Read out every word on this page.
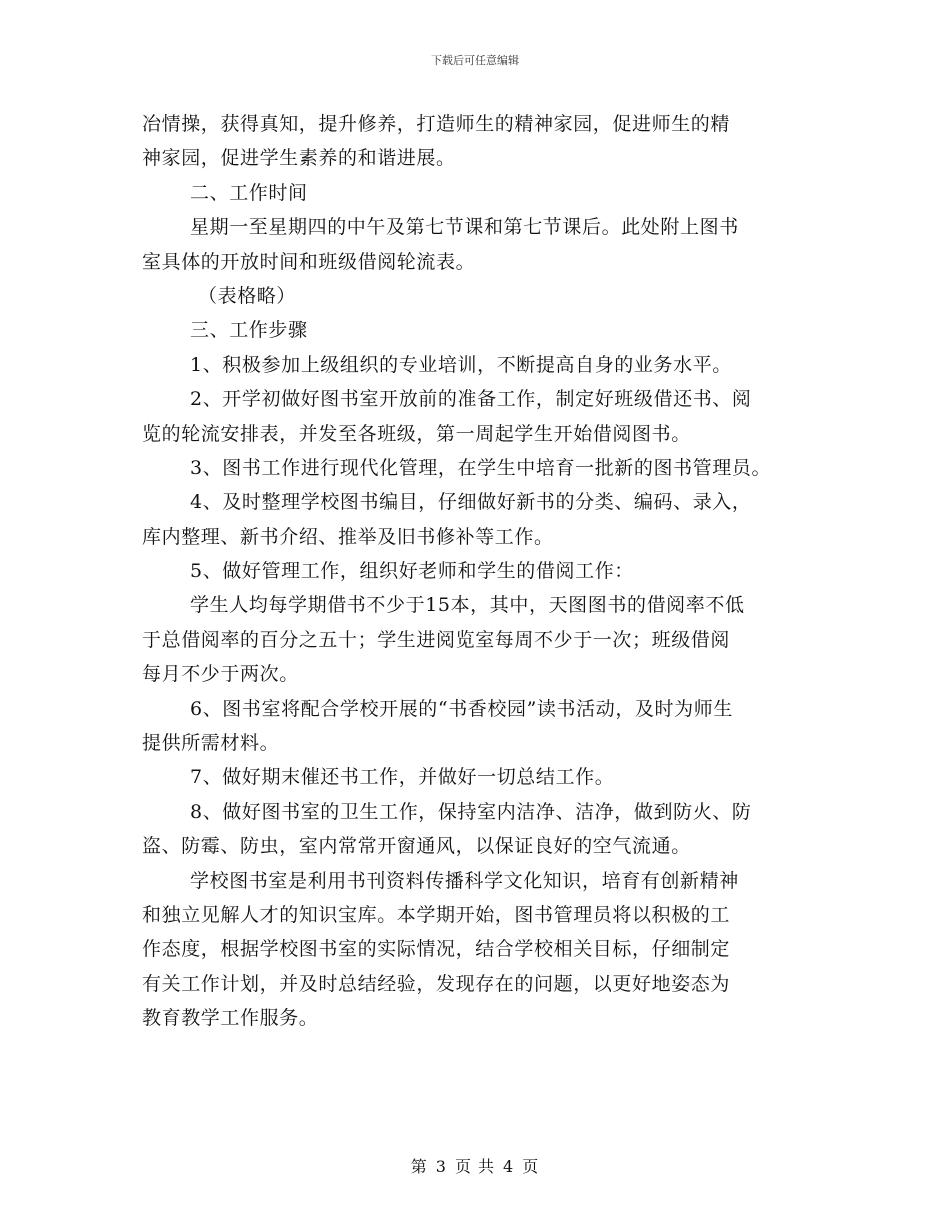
下载后可任意编辑
冶情操，获得真知，提升修养，打造师生的精神家园，促进师生的精
神家园，促进学生素养的和谐进展。
二、工作时间
星期一至星期四的中午及第七节课和第七节课后。此处附上图书
室具体的开放时间和班级借阅轮流表。
（表格略）
三、工作步骤
1、积极参加上级组织的专业培训，不断提高自身的业务水平。
2、开学初做好图书室开放前的准备工作，制定好班级借还书、阅
览的轮流安排表，并发至各班级，第一周起学生开始借阅图书。
3、图书工作进行现代化管理，在学生中培育一批新的图书管理员。
4、及时整理学校图书编目，仔细做好新书的分类、编码、录入，
库内整理、新书介绍、推举及旧书修补等工作。
5、做好管理工作，组织好老师和学生的借阅工作：
学生人均每学期借书不少于15本，其中，天图图书的借阅率不低
于总借阅率的百分之五十；学生进阅览室每周不少于一次；班级借阅
每月不少于两次。
6、图书室将配合学校开展的“书香校园”读书活动，及时为师生
提供所需材料。
7、做好期末催还书工作，并做好一切总结工作。
8、做好图书室的卫生工作，保持室内洁净、洁净，做到防火、防
盗、防霉、防虫，室内常常开窗通风，以保证良好的空气流通。
学校图书室是利用书刊资料传播科学文化知识，培育有创新精神
和独立见解人才的知识宝库。本学期开始，图书管理员将以积极的工
作态度，根据学校图书室的实际情况，结合学校相关目标，仔细制定
有关工作计划，并及时总结经验，发现存在的问题，以更好地姿态为
教育教学工作服务。
第 3 页 共 4 页
